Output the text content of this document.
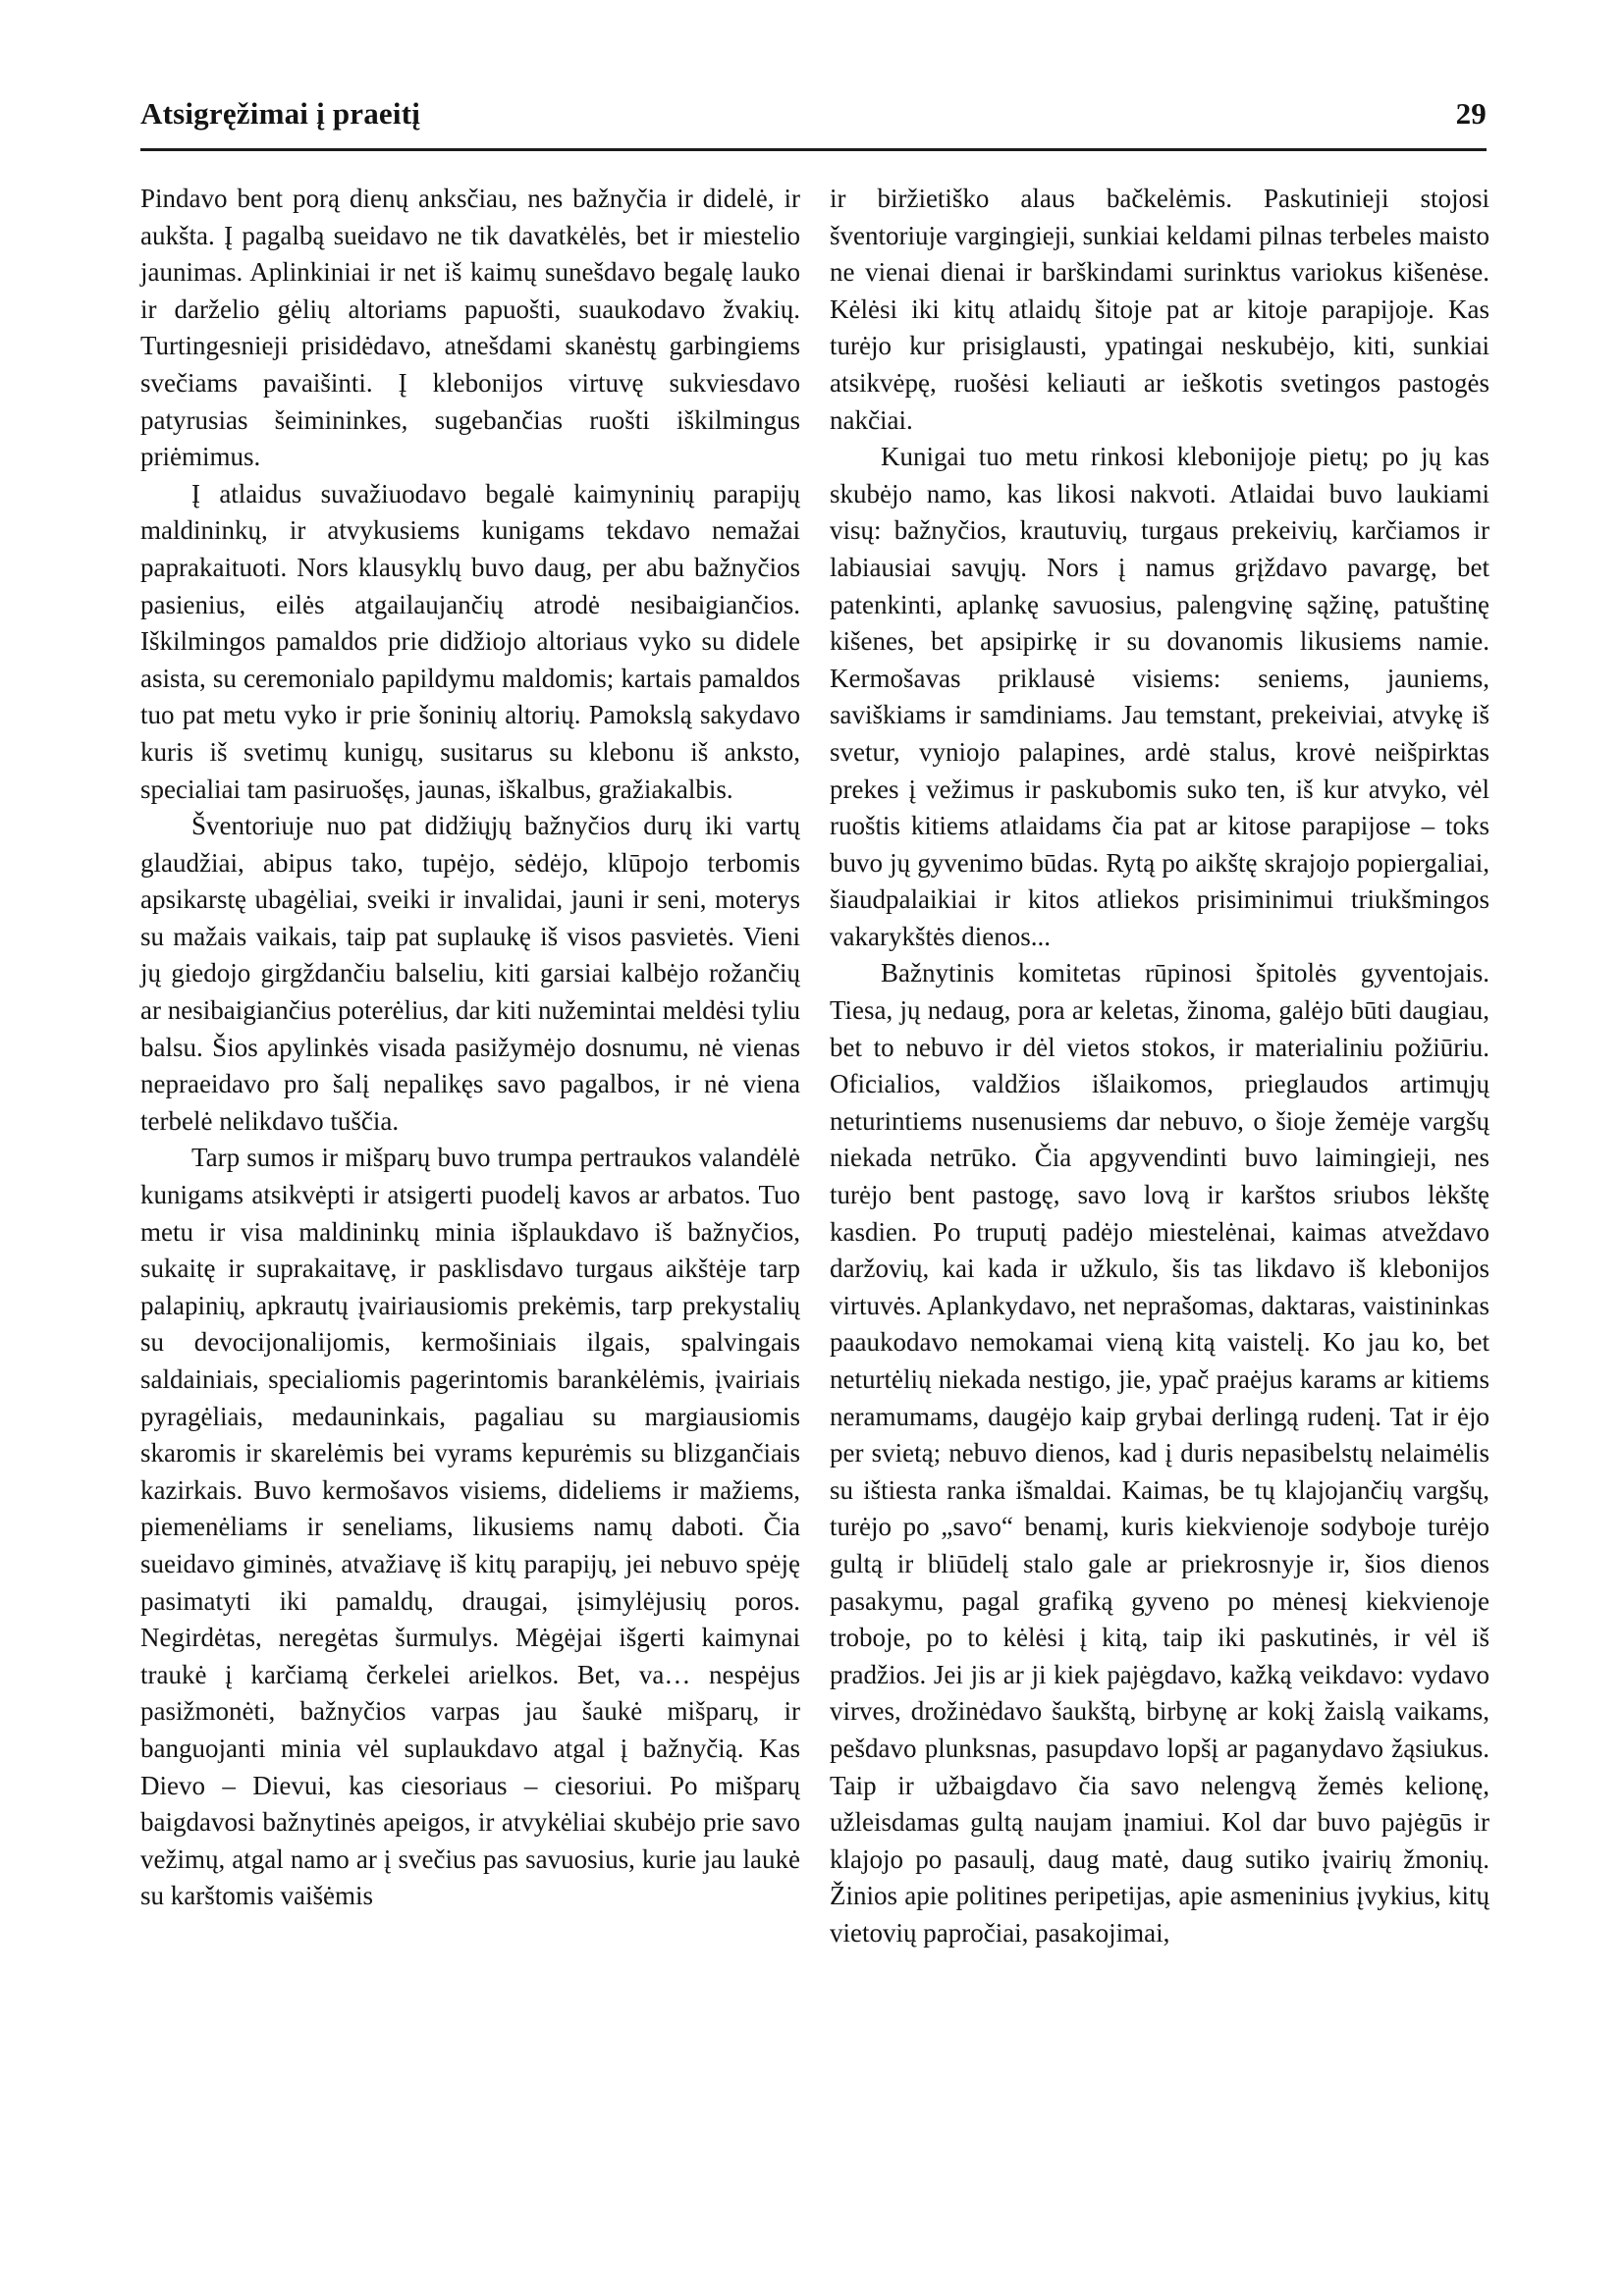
Atsigręžimai į praeitį	29

Pindavo bent porą dienų anksčiau, nes bažnyčia ir didelė, ir aukšta. Į pagalbą sueidavo ne tik davatkėlės, bet ir miestelio jaunimas. Aplinkiniai ir net iš kaimų sunešdavo begalę lauko ir darželio gėlių altoriams papuošti, suaukodavo žvakių. Turtingesnieji prisidėdavo, atnešdami skanėstų garbingiems svečiams pavaišinti. Į klebonijos virtuvę sukviesdavo patyrusias šeimininkes, sugebančias ruošti iškilmingus priėmimus.

Į atlaidus suvažiuodavo begalė kaimyninių parapijų maldininkų, ir atvykusiems kunigams tekdavo nemažai paprakaituoti. Nors klausyklų buvo daug, per abu bažnyčios pasienius, eilės atgailaujančių atrodė nesibaigiančios. Iškilmingos pamaldos prie didžiojo altoriaus vyko su didele asista, su ceremonialo papildymu maldomis; kartais pamaldos tuo pat metu vyko ir prie šoninių altorių. Pamokslą sakydavo kuris iš svetimų kunigų, susitarus su klebonu iš anksto, specialiai tam pasiruošęs, jaunas, iškalbus, gražiakalbis.

Šventoriuje nuo pat didžiųjų bažnyčios durų iki vartų glaudžiai, abipus tako, tupėjo, sėdėjo, klūpojo terbomis apsikarstę ubagėliai, sveiki ir invalidai, jauni ir seni, moterys su mažais vaikais, taip pat suplaukę iš visos pasvietės. Vieni jų giedojo girgždančiu balseliu, kiti garsiai kalbėjo rožančių ar nesibaigiančius poterėlius, dar kiti nužemintai meldėsi tyliu balsu. Šios apylinkės visada pasižymėjo dosnumu, nė vienas nepraeidavo pro šalį nepalikęs savo pagalbos, ir nė viena terbelė nelikdavo tuščia.

Tarp sumos ir mišparų buvo trumpa pertraukos valandėlė kunigams atsikvėpti ir atsigerti puodelį kavos ar arbatos. Tuo metu ir visa maldininkų minia išplaukdavo iš bažnyčios, sukaitę ir suprakaitavę, ir pasklisdavo turgaus aikštėje tarp palapinių, apkrautų įvairiausiomis prekėmis, tarp prekystalių su devocijonalijomis, kermošiniais ilgais, spalvingais saldainiais, specialiomis pagerintomis barankėlėmis, įvairiais pyragėliais, medauninkais, pagaliau su margiausiomis skaromis ir skarelėmis bei vyrams kepurėmis su blizgančiais kazirkais. Buvo kermošavos visiems, dideliems ir mažiems, piemenėliams ir seneliams, likusiems namų daboti. Čia sueidavo giminės, atvažiavę iš kitų parapijų, jei nebuvo spėję pasimatyti iki pamaldų, draugai, įsimylėjusių poros. Negirdėtas, neregėtas šurmulys. Mėgėjai išgerti kaimynai traukė į karčiamą čerkelei arielkos. Bet, va… nespėjus pasižmonėti, bažnyčios varpas jau šaukė mišparų, ir banguojanti minia vėl suplaukdavo atgal į bažnyčią. Kas Dievo – Dievui, kas ciesoriaus – ciesoriui. Po mišparų baigdavosi bažnytinės apeigos, ir atvykėliai skubėjo prie savo vežimų, atgal namo ar į svečius pas savuosius, kurie jau laukė su karštomis vaišėmis

ir biržietiško alaus bačkelėmis. Paskutinieji stojosi šventoriuje vargingieji, sunkiai keldami pilnas terbeles maisto ne vienai dienai ir barškindami surinktus variokus kišenėse. Kėlėsi iki kitų atlaidų šitoje pat ar kitoje parapijoje. Kas turėjo kur prisiglausti, ypatingai neskubėjo, kiti, sunkiai atsikvėpę, ruošėsi keliauti ar ieškotis svetingos pastogės nakčiai.

Kunigai tuo metu rinkosi klebonijoje pietų; po jų kas skubėjo namo, kas likosi nakvoti. Atlaidai buvo laukiami visų: bažnyčios, krautuvių, turgaus prekeivių, karčiamos ir labiausiai savųjų. Nors į namus grįždavo pavargę, bet patenkinti, aplankę savuosius, palengvinę sąžinę, patuštinę kišenes, bet apsipirkę ir su dovanomis likusiems namie. Kermošavas priklausė visiems: seniems, jauniems, saviškiams ir samdiniams. Jau temstant, prekeiviai, atvykę iš svetur, vyniojo palapines, ardė stalus, krovė neišpirktas prekes į vežimus ir paskubomis suko ten, iš kur atvyko, vėl ruoštis kitiems atlaidams čia pat ar kitose parapijose – toks buvo jų gyvenimo būdas. Rytą po aikštę skrajojo popiergaliai, šiaudpalaikiai ir kitos atliekos prisiminimui triukšmingos vakarykštės dienos...

Bažnytinis komitetas rūpinosi špitolės gyventojais. Tiesa, jų nedaug, pora ar keletas, žinoma, galėjo būti daugiau, bet to nebuvo ir dėl vietos stokos, ir materialiniu požiūriu. Oficialios, valdžios išlaikomos, prieglaudos artimųjų neturintiems nusenusiems dar nebuvo, o šioje žemėje vargšų niekada netrūko. Čia apgyvendinti buvo laimingieji, nes turėjo bent pastogę, savo lovą ir karštos sriubos lėkštę kasdien. Po truputį padėjo miestelėnai, kaimas atveždavo daržovių, kai kada ir užkulo, šis tas likdavo iš klebonijos virtuvės. Aplankydavo, net neprašomas, daktaras, vaistininkas paaukodavo nemokamai vieną kitą vaistelį. Ko jau ko, bet neturtėlių niekada nestigo, jie, ypač praėjus karams ar kitiems neramumams, daugėjo kaip grybai derlingą rudenį. Tat ir ėjo per svietą; nebuvo dienos, kad į duris nepasibelstų nelaimėlis su ištiesta ranka išmaldai. Kaimas, be tų klajojančių vargšų, turėjo po „savo“ benamį, kuris kiekvienoje sodyboje turėjo gultą ir bliūdelį stalo gale ar priekrosnyje ir, šios dienos pasakymu, pagal grafiką gyveno po mėnesį kiekvienoje troboje, po to kėlėsi į kitą, taip iki paskutinės, ir vėl iš pradžios. Jei jis ar ji kiek pajėgdavo, kažką veikdavo: vydavo virves, drožinėdavo šaukštą, birbynę ar kokį žaislą vaikams, pešdavo plunksnas, pasupdavo lopšį ar paganydavo žąsiukus. Taip ir užbaigdavo čia savo nelengvą žemės kelionę, užleisdamas gultą naujam įnamiui. Kol dar buvo pajėgūs ir klajojo po pasaulį, daug matė, daug sutiko įvairių žmonių. Žinios apie politines peripetijas, apie asmeninius įvykius, kitų vietovių papročiai, pasakojimai,
